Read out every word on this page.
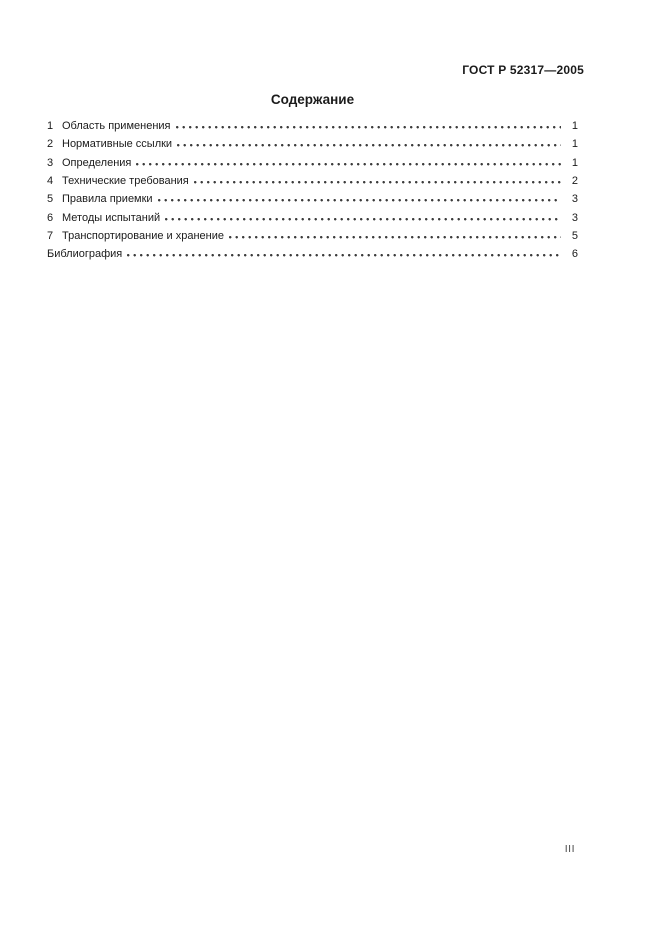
ГОСТ Р 52317—2005
Содержание
1 Область применения	1
2 Нормативные ссылки	1
3 Определения	1
4 Технические требования	2
5 Правила приемки	3
6 Методы испытаний	3
7 Транспортирование и хранение	5
Библиография	6
III
